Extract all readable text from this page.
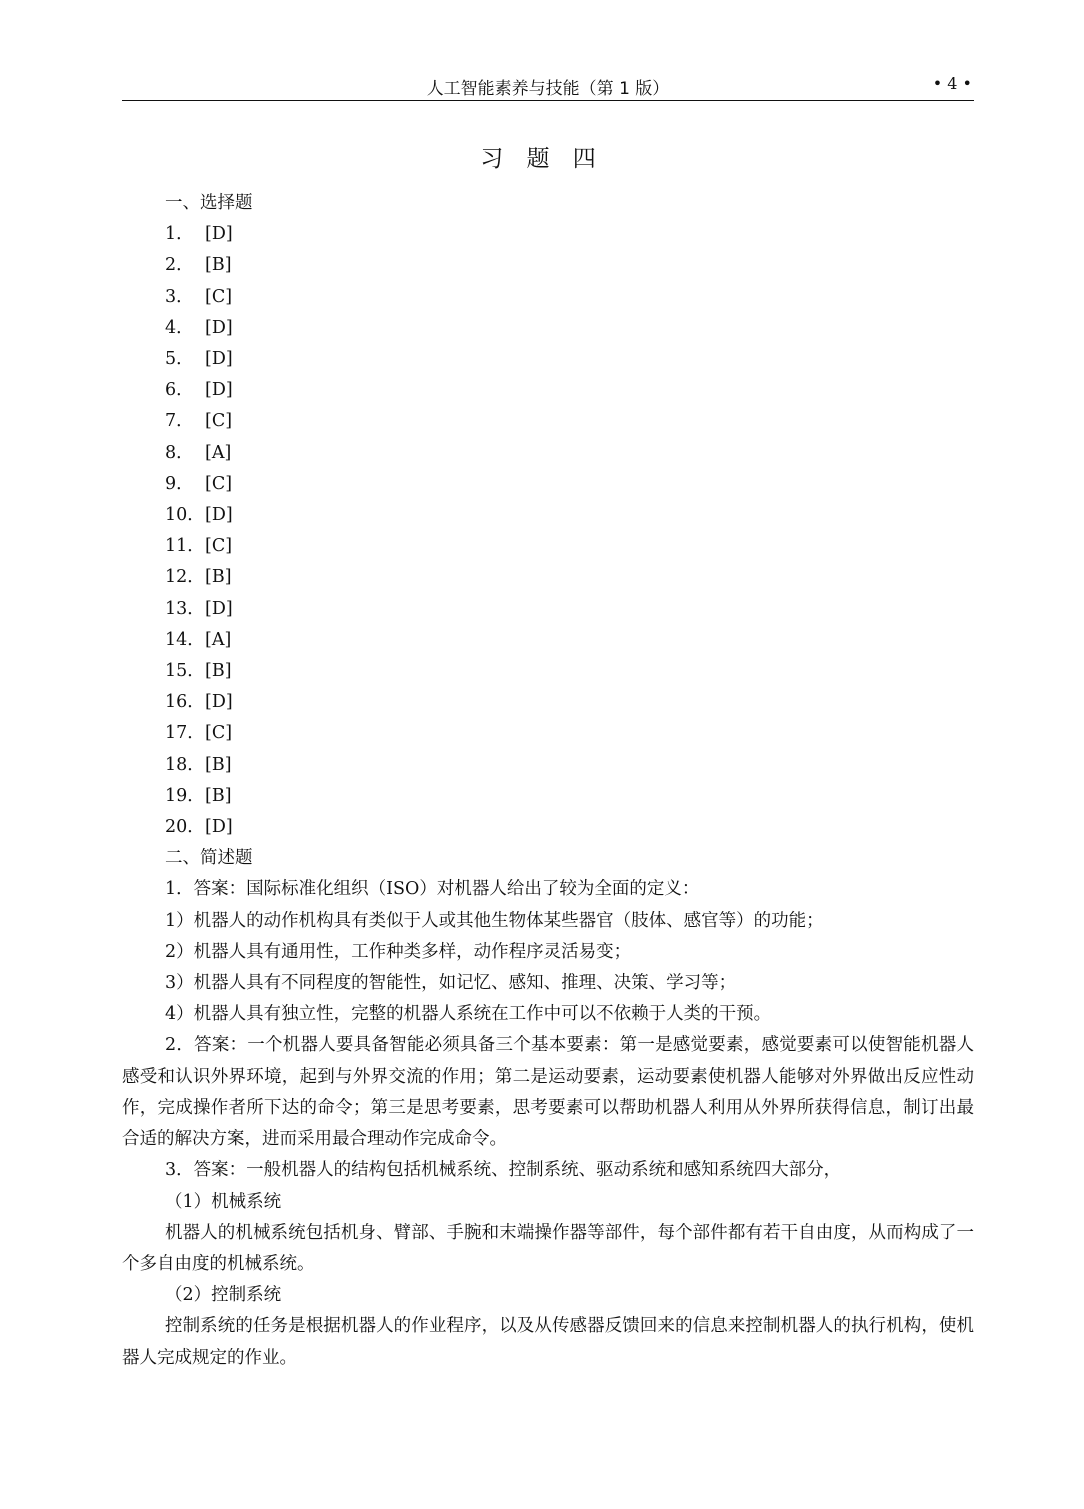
人工智能素养与技能（第 1 版）	• 4 •
习 题 四
一、选择题
1． [D]
2． [B]
3． [C]
4． [D]
5． [D]
6． [D]
7． [C]
8． [A]
9． [C]
10．[D]
11．[C]
12．[B]
13．[D]
14．[A]
15．[B]
16．[D]
17．[C]
18．[B]
19．[B]
20．[D]
二、简述题
1．答案：国际标准化组织（ISO）对机器人给出了较为全面的定义：
1）机器人的动作机构具有类似于人或其他生物体某些器官（肢体、感官等）的功能；
2）机器人具有通用性，工作种类多样，动作程序灵活易变；
3）机器人具有不同程度的智能性，如记忆、感知、推理、决策、学习等；
4）机器人具有独立性，完整的机器人系统在工作中可以不依赖于人类的干预。
2．答案：一个机器人要具备智能必须具备三个基本要素：第一是感觉要素，感觉要素可以使智能机器人感受和认识外界环境，起到与外界交流的作用；第二是运动要素，运动要素使机器人能够对外界做出反应性动作，完成操作者所下达的命令；第三是思考要素，思考要素可以帮助机器人利用从外界所获得信息，制订出最合适的解决方案，进而采用最合理动作完成命令。
3．答案：一般机器人的结构包括机械系统、控制系统、驱动系统和感知系统四大部分，
（1）机械系统
机器人的机械系统包括机身、臂部、手腕和末端操作器等部件，每个部件都有若干自由度，从而构成了一个多自由度的机械系统。
（2）控制系统
控制系统的任务是根据机器人的作业程序，以及从传感器反馈回来的信息来控制机器人的执行机构，使机器人完成规定的作业。
